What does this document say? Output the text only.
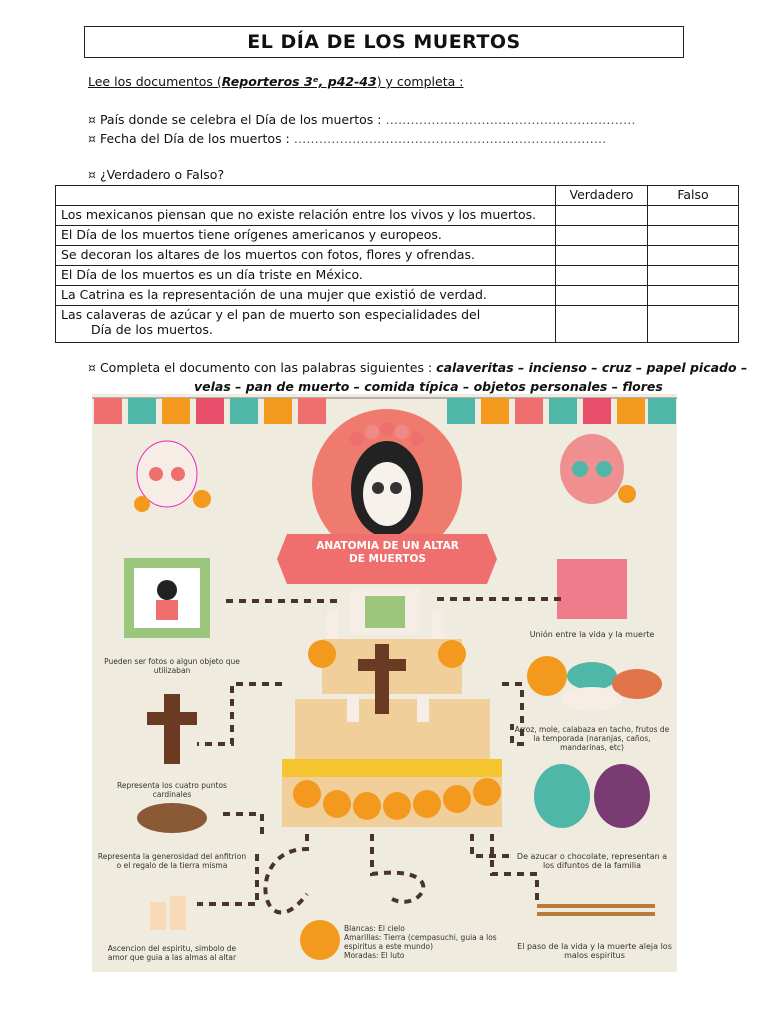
EL DÍA DE LOS MUERTOS
Lee los documentos (Reporteros 3ᵉ, p42-43) y completa :
¤ País donde se celebra el Día de los muertos : ……………………………………………………
¤ Fecha del Día de los muertos : …………………………………………………………………
¤ ¿Verdadero o Falso?
	Verdadero	Falso
Los mexicanos piensan que no existe relación entre los vivos y los muertos.		
El Día de los muertos tiene orígenes americanos y europeos.		
Se decoran los altares de los muertos con fotos, flores y ofrendas.		
El Día de los muertos es un día triste en México.		
La Catrina es la representación de una mujer que existió de verdad.		

Las calaveras de azúcar y el pan de muerto son especialidades del
Día de los muertos.		

¤ Completa el documento con las palabras siguientes : calaveritas – incienso – cruz – papel picado –
velas – pan de muerto – comida típica – objetos personales – flores
ANATOMIA DE UN ALTAR
DE MUERTOS
Pueden ser fotos o algun objeto que utilizaban
Unión entre la vida y la muerte
Arroz, mole, calabaza en tacho, frutos de la temporada (naranjas, caños, mandarinas, etc)
Representa los cuatro puntos cardinales
Representa la generosidad del anfitrion o el regalo de la tierra misma
De azucar o chocolate, representan a los difuntos de la familia
Ascencion del espiritu, simbolo de amor que guia a las almas al altar
Blancas: El cielo
Amarillas: Tierra (cempasuchi, guia a los espiritus a este mundo)
Moradas: El luto
El paso de la vida y la muerte aleja los malos espiritus
